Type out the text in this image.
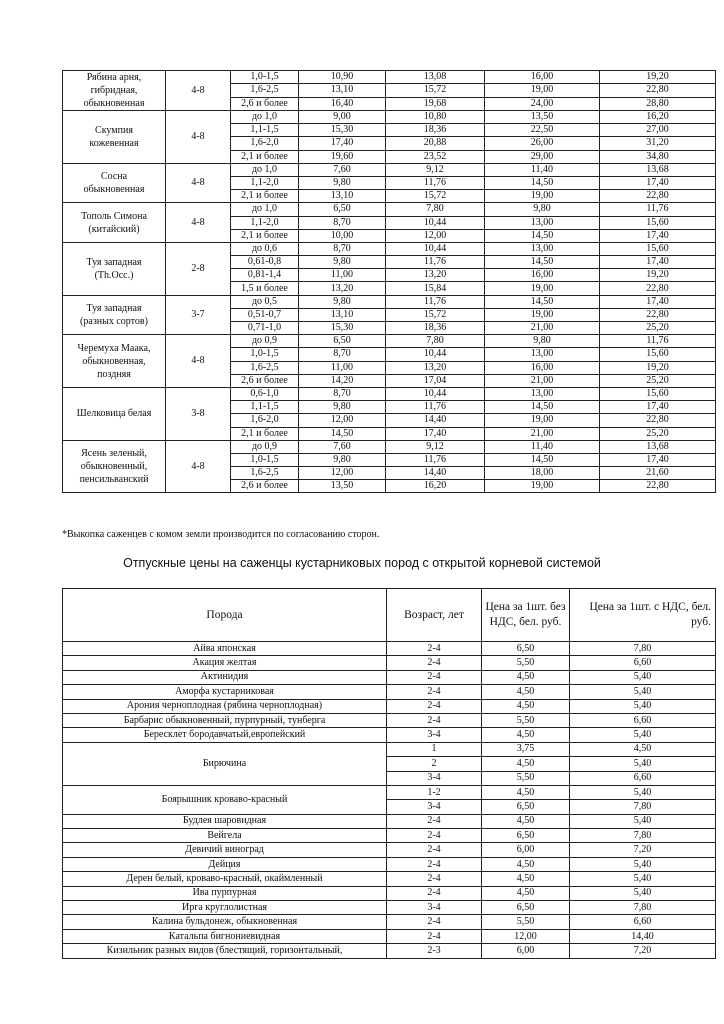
Рябина арня,
гибридная,
обыкновенная	4-8	1,0-1,5	10,90	13,08	16,00	19,20
		1,6-2,5	13,10	15,72	19,00	22,80
		2,6 и более	16,40	19,68	24,00	28,80
Скумпия
кожевенная	4-8	до 1,0	9,00	10,80	13,50	16,20
		1,1-1,5	15,30	18,36	22,50	27,00
		1,6-2,0	17,40	20,88	26,00	31,20
		2,1 и более	19,60	23,52	29,00	34,80
Сосна
обыкновенная	4-8	до 1,0	7,60	9,12	11,40	13,68
		1,1-2,0	9,80	11,76	14,50	17,40
		2,1 и более	13,10	15,72	19,00	22,80
Тополь Симона
(китайский)	4-8	до 1,0	6,50	7,80	9,80	11,76
		1,1-2,0	8,70	10,44	13,00	15,60
		2,1 и более	10,00	12,00	14,50	17,40
Туя западная
(Th.Occ.)	2-8	до 0,6	8,70	10,44	13,00	15,60
		0,61-0,8	9,80	11,76	14,50	17,40
		0,81-1,4	11,00	13,20	16,00	19,20
		1,5 и более	13,20	15,84	19,00	22,80
Туя западная
(разных сортов)	3-7	до 0,5	9,80	11,76	14,50	17,40
		0,51-0,7	13,10	15,72	19,00	22,80
		0,71-1,0	15,30	18,36	21,00	25,20
Черемуха Маака,
обыкновенная,
поздняя	4-8	до 0,9	6,50	7,80	9,80	11,76
		1,0-1,5	8,70	10,44	13,00	15,60
		1,6-2,5	11,00	13,20	16,00	19,20
		2,6 и более	14,20	17,04	21,00	25,20
Шелковица белая	3-8	0,6-1,0	8,70	10,44	13,00	15,60
		1,1-1,5	9,80	11,76	14,50	17,40
		1,6-2,0	12,00	14,40	19,00	22,80
		2,1 и более	14,50	17,40	21,00	25,20
Ясень зеленый,
обыкновенный,
пенсильванский	4-8	до 0,9	7,60	9,12	11,40	13,68
		1,0-1,5	9,80	11,76	14,50	17,40
		1,6-2,5	12,00	14,40	18,00	21,60
		2,6 и более	13,50	16,20	19,00	22,80
*Выкопка саженцев с комом земли производится по согласованию сторон.
Отпускные цены на саженцы кустарниковых пород с открытой корневой системой
Порода	Возраст, лет	Цена за 1шт. без НДС, бел. руб.	Цена за 1шт. с НДС, бел. руб.
Айва японская	2-4	6,50	7,80
Акация желтая	2-4	5,50	6,60
Актинидия	2-4	4,50	5,40
Аморфа кустарниковая	2-4	4,50	5,40
Арония черноплодная (рябина черноплодная)	2-4	4,50	5,40
Барбарис обыкновенный, пурпурный, тунберга	2-4	5,50	6,60
Бересклет бородавчатый,европейский	3-4	4,50	5,40
Бирючина	1	3,75	4,50
	2	4,50	5,40
	3-4	5,50	6,60
Боярышник кроваво-красный	1-2	4,50	5,40
	3-4	6,50	7,80
Будлея шаровидная	2-4	4,50	5,40
Вейгела	2-4	6,50	7,80
Девичий виноград	2-4	6,00	7,20
Дейция	2-4	4,50	5,40
Дерен белый, кроваво-красный, окаймленный	2-4	4,50	5,40
Ива пурпурная	2-4	4,50	5,40
Ирга круглолистная	3-4	6,50	7,80
Калина бульдонеж, обыкновенная	2-4	5,50	6,60
Катальпа бигнониевидная	2-4	12,00	14,40
Кизильник разных видов (блестящий, горизонтальный,	2-3	6,00	7,20
